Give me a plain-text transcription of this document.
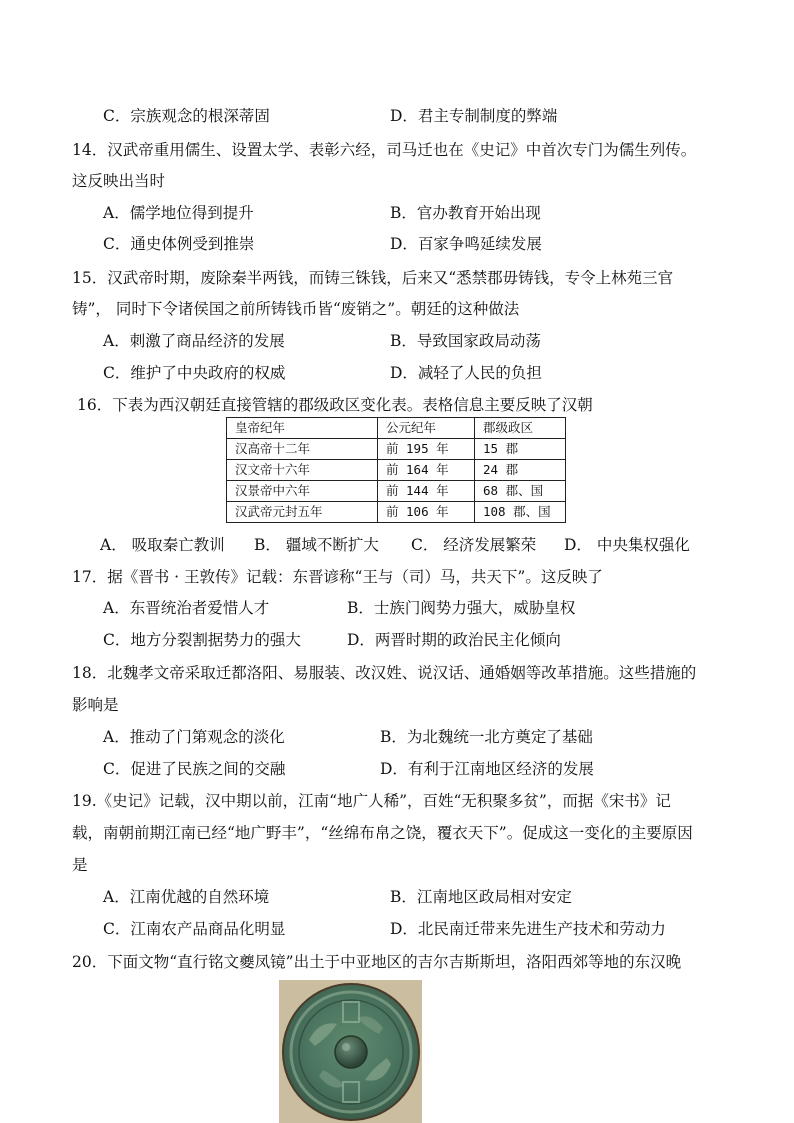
C．宗族观念的根深蒂固	D．君主专制制度的弊端
14．汉武帝重用儒生、设置太学、表彰六经，司马迁也在《史记》中首次专门为儒生列传。
这反映出当时
A．儒学地位得到提升	B．官办教育开始出现
C．通史体例受到推崇	D．百家争鸣延续发展
15．汉武帝时期，废除秦半两钱，而铸三铢钱，后来又“悉禁郡毋铸钱，专令上林苑三官
铸”， 同时下令诸侯国之前所铸钱币皆“废销之”。朝廷的这种做法
A．刺激了商品经济的发展	B．导致国家政局动荡
C．维护了中央政府的权威	D．减轻了人民的负担
16．下表为西汉朝廷直接管辖的郡级政区变化表。表格信息主要反映了汉朝
皇帝纪年	公元纪年	郡级政区
汉高帝十二年	前 195 年	15 郡
汉文帝十六年	前 164 年	24 郡
汉景帝中六年	前 144 年	68 郡、国
汉武帝元封五年	前 106 年	108 郡、国
A． 吸取秦亡教训 B． 疆域不断扩大 C． 经济发展繁荣 D． 中央集权强化
17．据《晋书 · 王敦传》记载：东晋谚称“王与（司）马，共天下”。这反映了
A．东晋统治者爱惜人才	B．士族门阀势力强大，威胁皇权
C．地方分裂割据势力的强大	D．两晋时期的政治民主化倾向
18．北魏孝文帝采取迁都洛阳、易服装、改汉姓、说汉话、通婚姻等改革措施。这些措施的
影响是
A．推动了门第观念的淡化	B．为北魏统一北方奠定了基础
C．促进了民族之间的交融	D．有利于江南地区经济的发展
19.《史记》记载，汉中期以前，江南“地广人稀”，百姓“无积聚多贫”，而据《宋书》记
载，南朝前期江南已经“地广野丰”，“丝绵布帛之饶，覆衣天下”。促成这一变化的主要原因
是
A．江南优越的自然环境	B．江南地区政局相对安定
C．江南农产品商品化明显	D．北民南迁带来先进生产技术和劳动力
20．下面文物“直行铭文夔凤镜”出土于中亚地区的吉尔吉斯斯坦，洛阳西郊等地的东汉晚
